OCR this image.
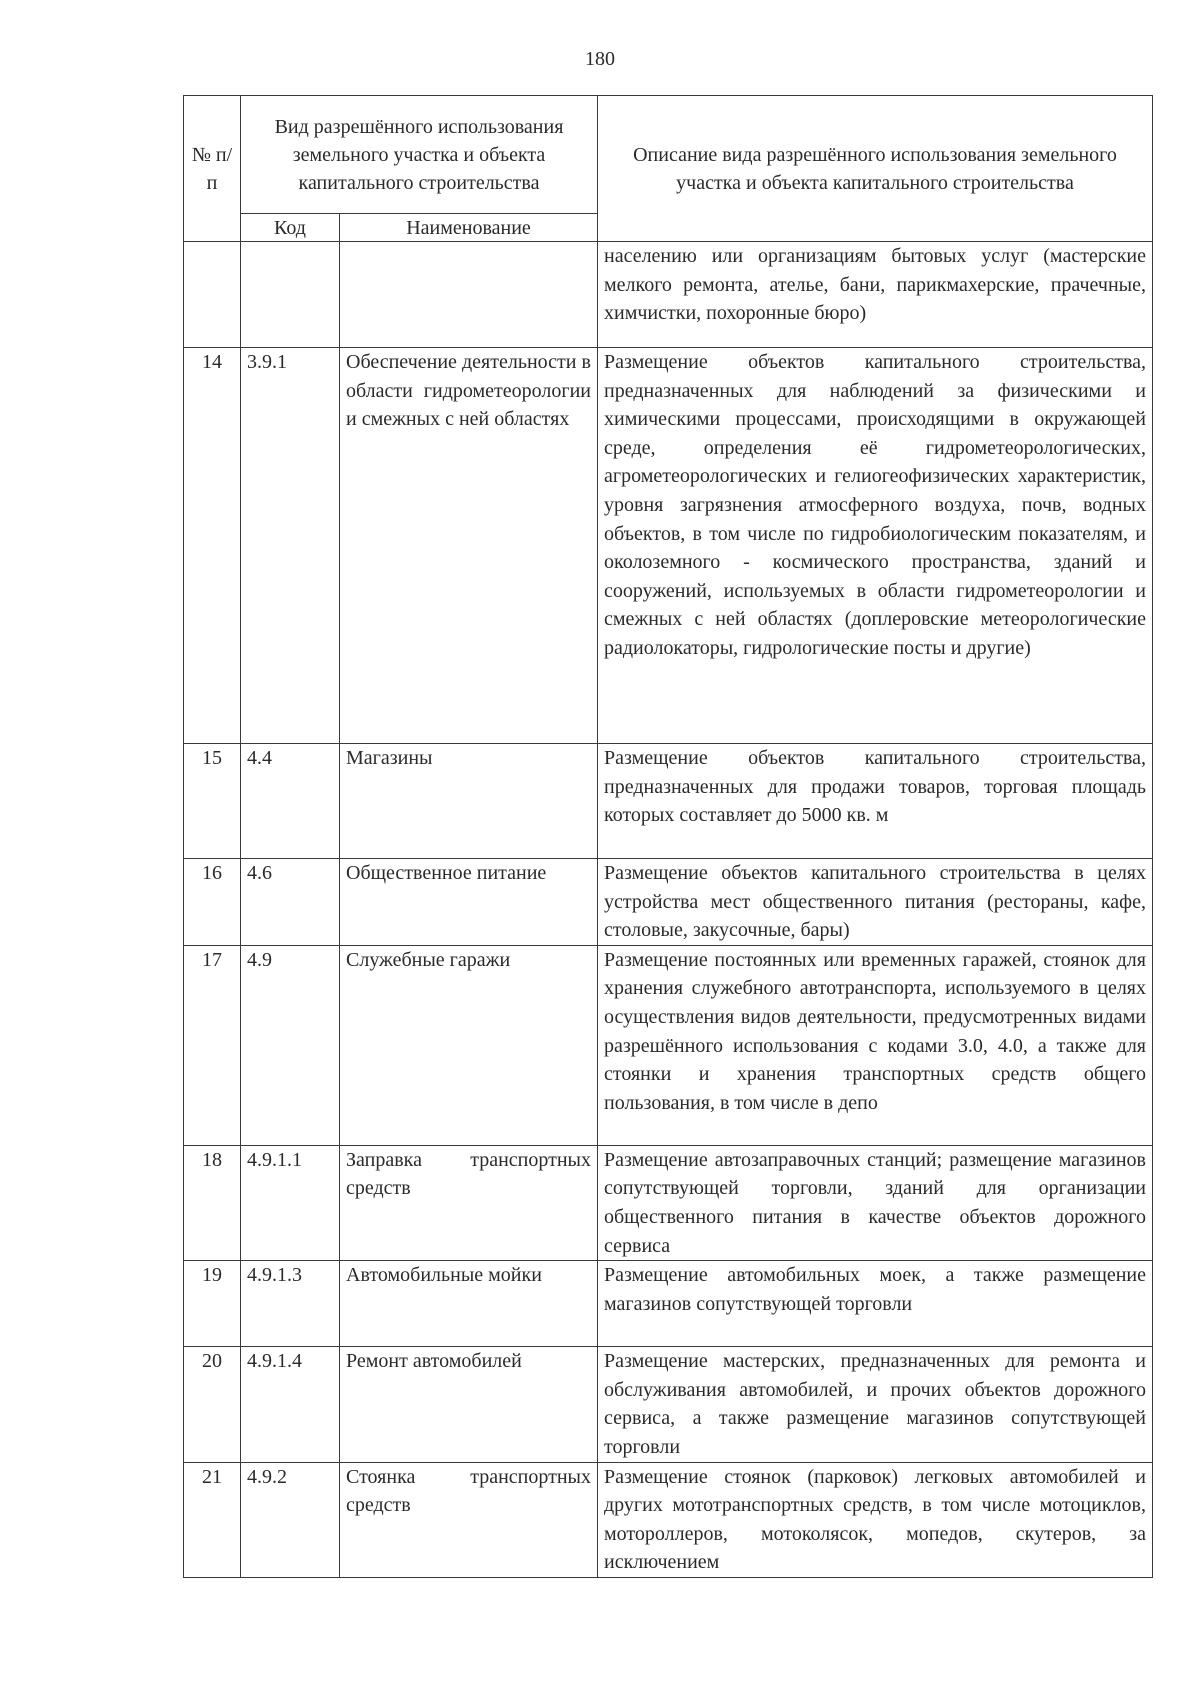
180
№ п/п	Вид разрешённого использования земельного участка и объекта капитального строительства		Описание вида разрешённого использования земельного участка и объекта капитального строительства
	Код	Наименование	
			населению или организациям бытовых услуг (мастерские мелкого ремонта, ателье, бани, парикмахерские, прачечные, химчистки, похоронные бюро)
14	3.9.1	Обеспечение деятельности в области гидрометеорологии и смежных с ней областях	Размещение объектов капитального строительства, предназначенных для наблюдений за физическими и химическими процессами, происходящими в окружающей среде, определения её гидрометеорологических, агрометеорологических и гелиогеофизических характеристик, уровня загрязнения атмосферного воздуха, почв, водных объектов, в том числе по гидробиологическим показателям, и околоземного - космического пространства, зданий и сооружений, используемых в области гидрометеорологии и смежных с ней областях (доплеровские метеорологические радиолокаторы, гидрологические посты и другие)
15	4.4	Магазины	Размещение объектов капитального строительства, предназначенных для продажи товаров, торговая площадь которых составляет до 5000 кв. м
16	4.6	Общественное питание	Размещение объектов капитального строительства в целях устройства мест общественного питания (рестораны, кафе, столовые, закусочные, бары)
17	4.9	Служебные гаражи	Размещение постоянных или временных гаражей, стоянок для хранения служебного автотранспорта, используемого в целях осуществления видов деятельности, предусмотренных видами разрешённого использования с кодами 3.0, 4.0, а также для стоянки и хранения транспортных средств общего пользования, в том числе в депо
18	4.9.1.1	Заправка транспортных средств	Размещение автозаправочных станций; размещение магазинов сопутствующей торговли, зданий для организации общественного питания в качестве объектов дорожного сервиса
19	4.9.1.3	Автомобильные мойки	Размещение автомобильных моек, а также размещение магазинов сопутствующей торговли
20	4.9.1.4	Ремонт автомобилей	Размещение мастерских, предназначенных для ремонта и обслуживания автомобилей, и прочих объектов дорожного сервиса, а также размещение магазинов сопутствующей торговли
21	4.9.2	Стоянка транспортных средств	Размещение стоянок (парковок) легковых автомобилей и других мототранспортных средств, в том числе мотоциклов, мотороллеров, мотоколясок, мопедов, скутеров, за исключением
